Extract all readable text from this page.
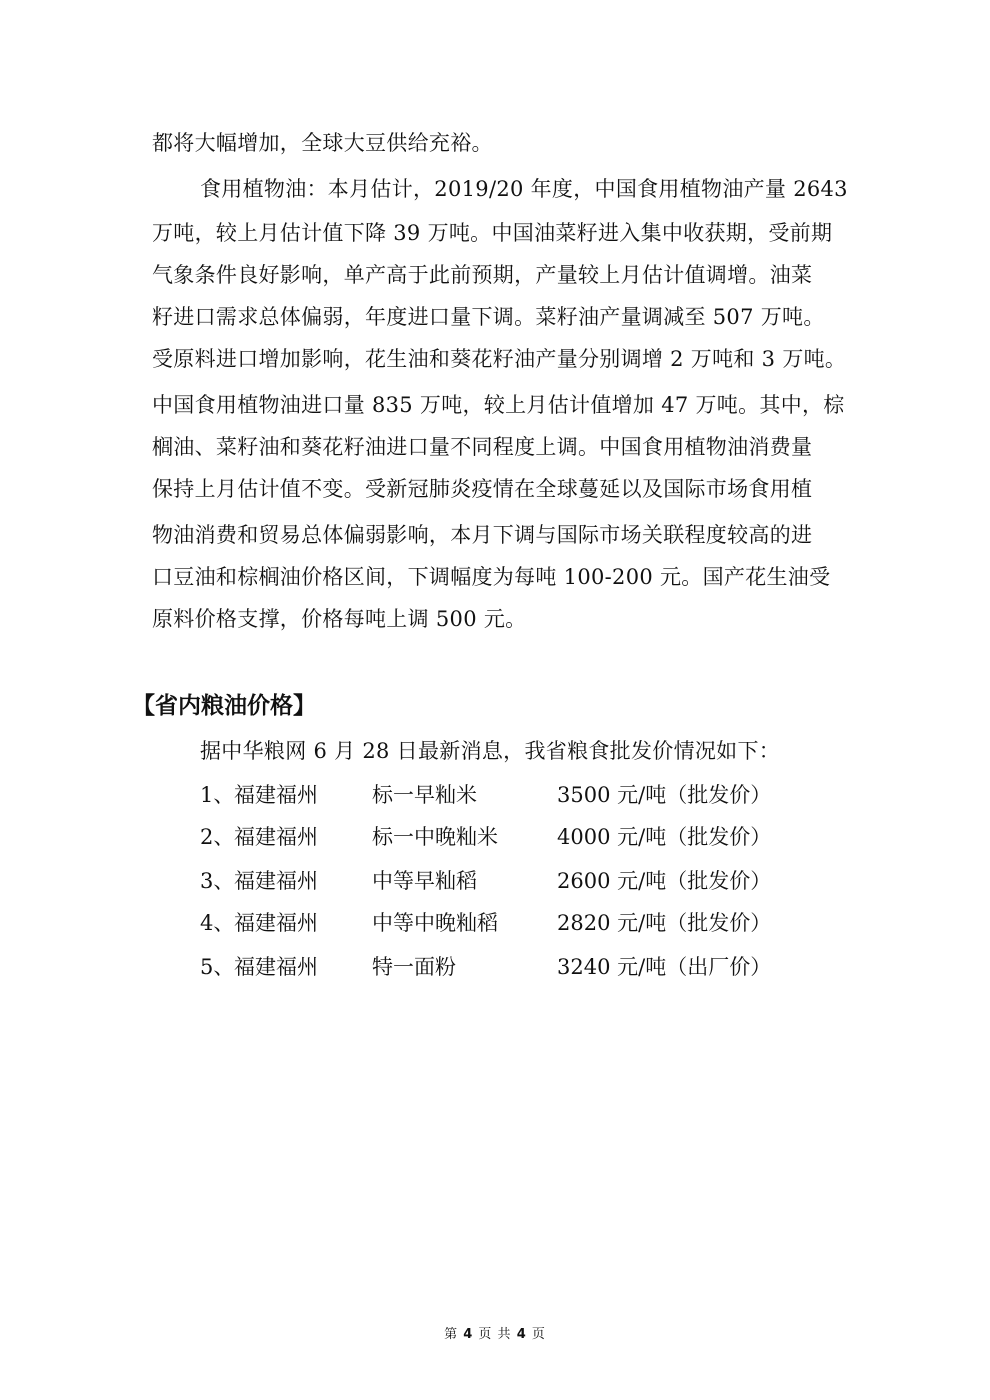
都将大幅增加，全球大豆供给充裕。
食用植物油：本月估计，2019/20 年度，中国食用植物油产量 2643
万吨，较上月估计值下降 39 万吨。中国油菜籽进入集中收获期，受前期
气象条件良好影响，单产高于此前预期，产量较上月估计值调增。油菜
籽进口需求总体偏弱，年度进口量下调。菜籽油产量调减至 507 万吨。
受原料进口增加影响，花生油和葵花籽油产量分别调增 2 万吨和 3 万吨。
中国食用植物油进口量 835 万吨，较上月估计值增加 47 万吨。其中，棕
榈油、菜籽油和葵花籽油进口量不同程度上调。中国食用植物油消费量
保持上月估计值不变。受新冠肺炎疫情在全球蔓延以及国际市场食用植
物油消费和贸易总体偏弱影响，本月下调与国际市场关联程度较高的进
口豆油和棕榈油价格区间，下调幅度为每吨 100-200 元。国产花生油受
原料价格支撑，价格每吨上调 500 元。
【省内粮油价格】
据中华粮网 6 月 28 日最新消息，我省粮食批发价情况如下：
1、 福建福州	标一早籼米	3500 元/吨（批发价）
2、 福建福州	标一中晚籼米	4000 元/吨（批发价）
3、 福建福州	中等早籼稻	2600 元/吨（批发价）
4、 福建福州	中等中晚籼稻	2820 元/吨（批发价）
5、 福建福州	特一面粉	3240 元/吨（出厂价）
第 4 页 共 4 页
